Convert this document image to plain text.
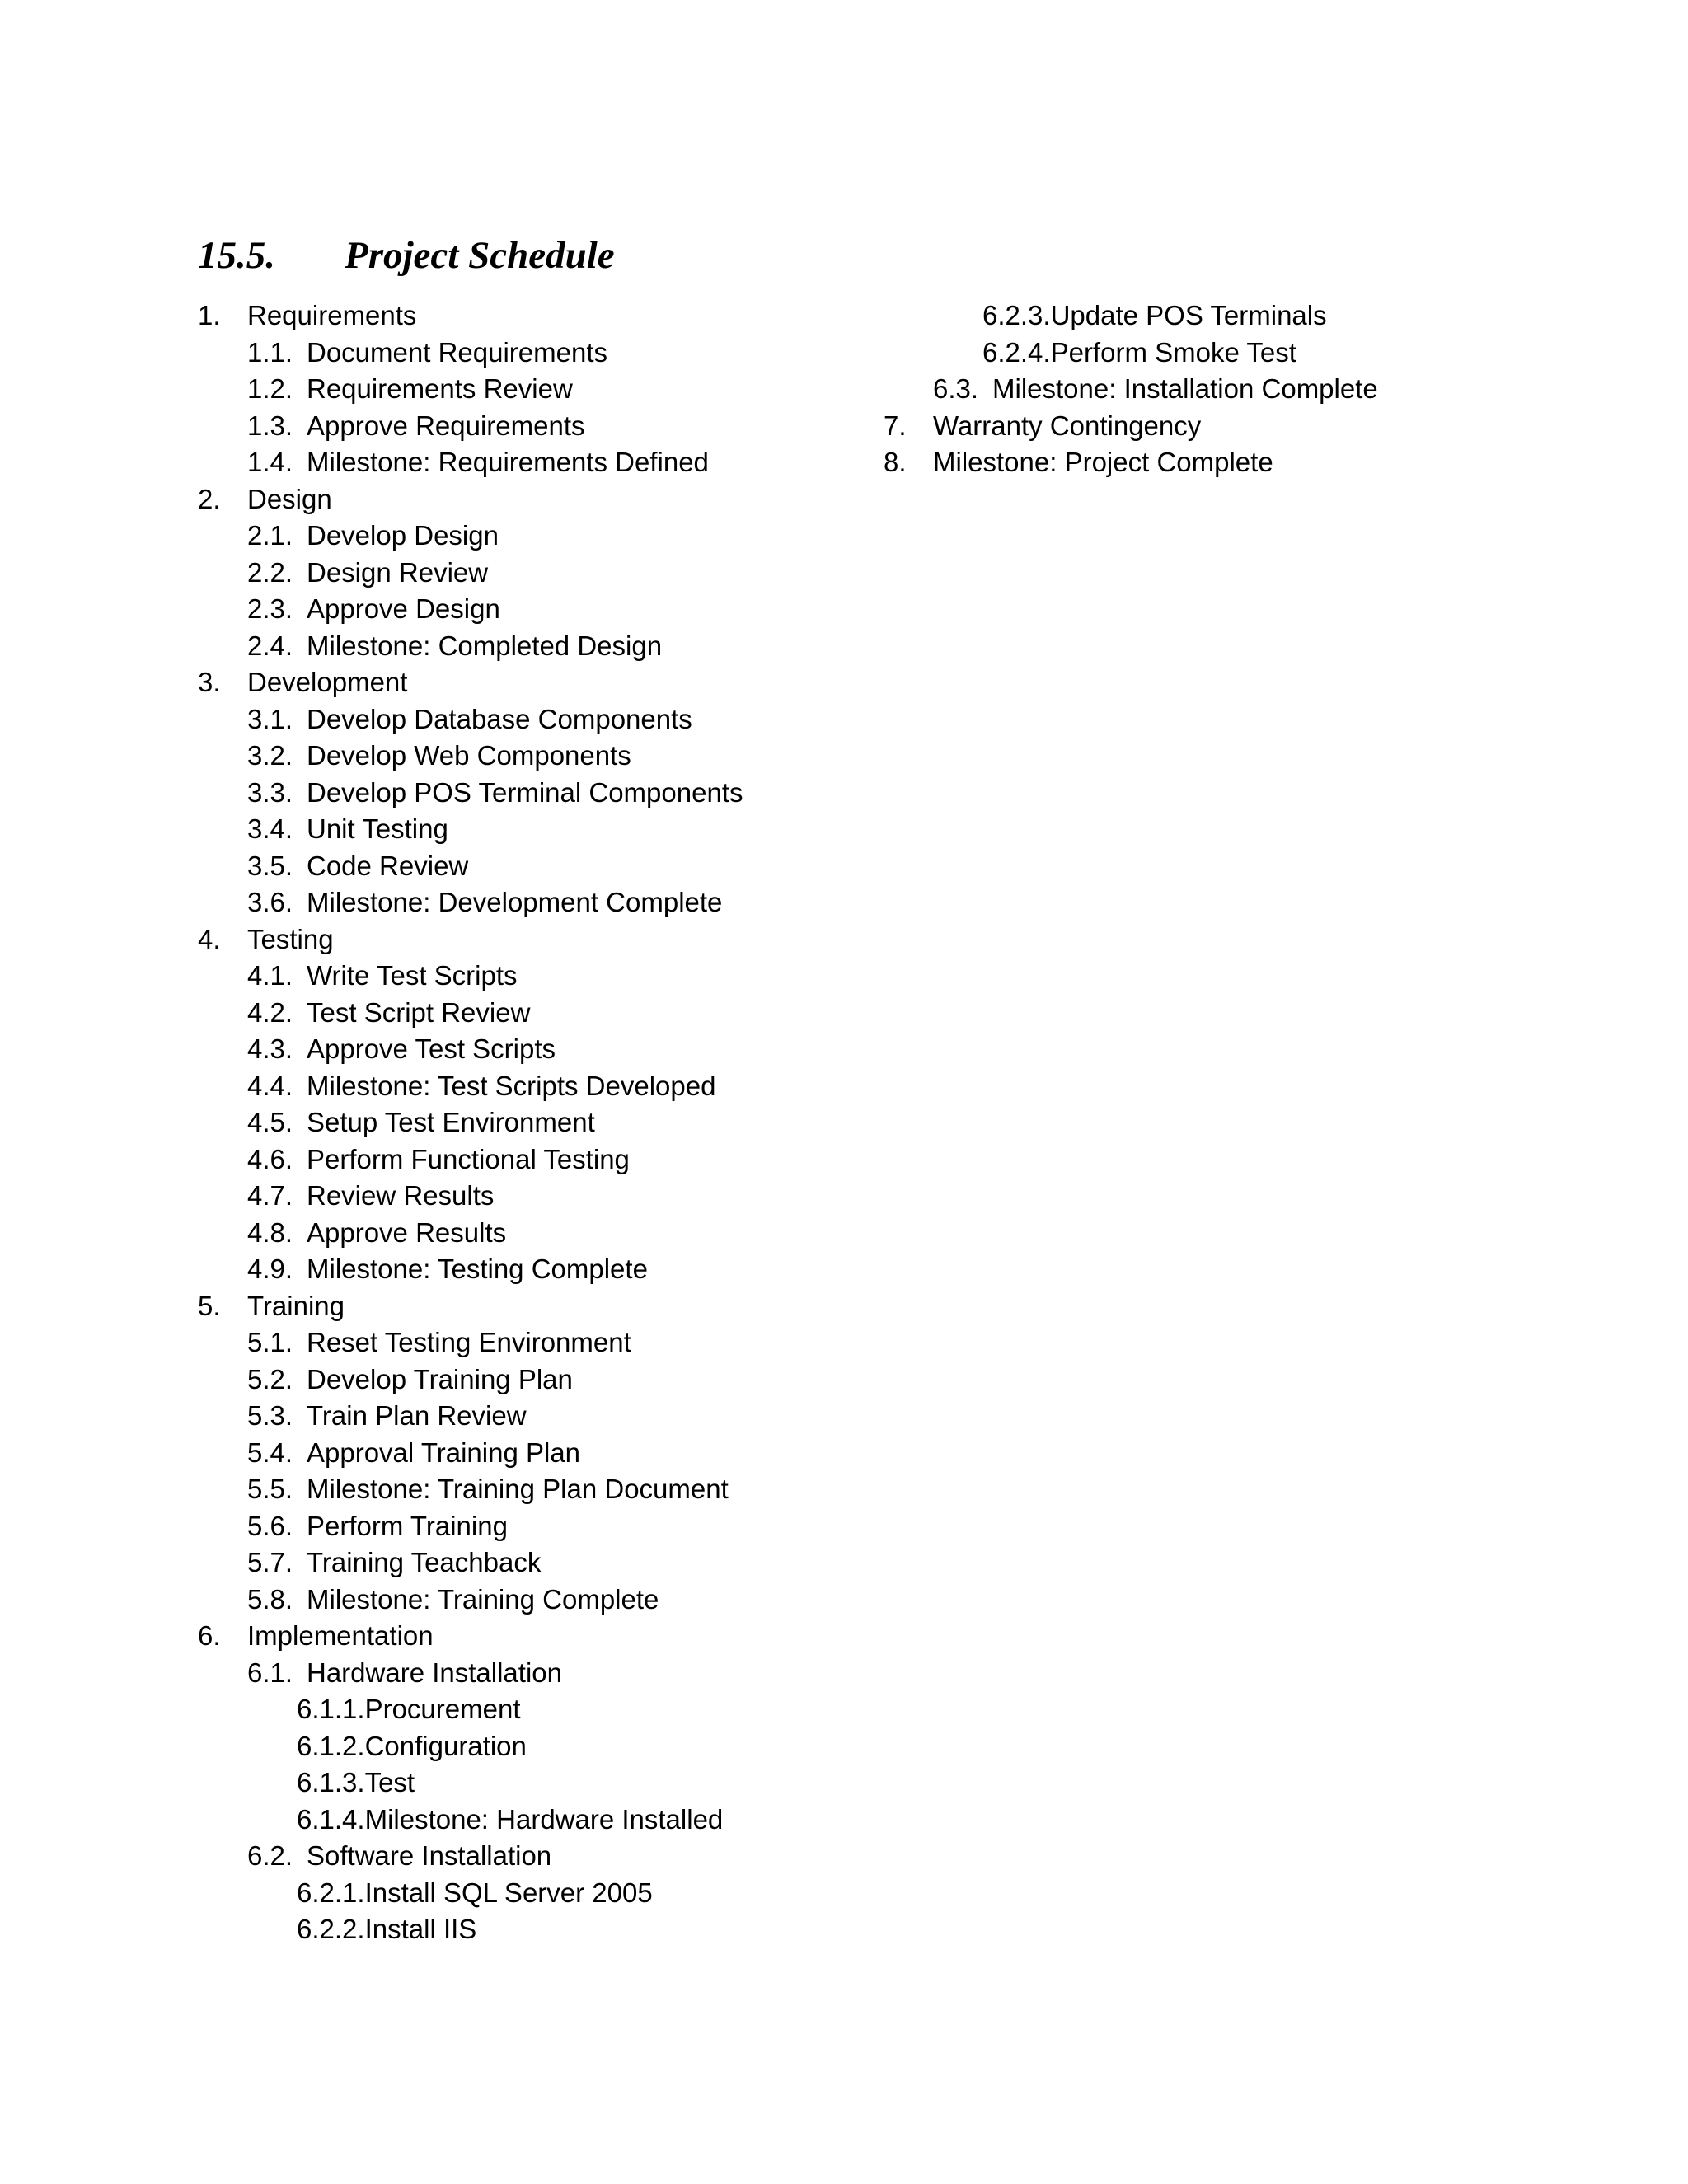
15.5. Project Schedule
1. Requirements
1.1. Document Requirements
1.2. Requirements Review
1.3. Approve Requirements
1.4. Milestone: Requirements Defined
2. Design
2.1. Develop Design
2.2. Design Review
2.3. Approve Design
2.4. Milestone: Completed Design
3. Development
3.1. Develop Database Components
3.2. Develop Web Components
3.3. Develop POS Terminal Components
3.4. Unit Testing
3.5. Code Review
3.6. Milestone: Development Complete
4. Testing
4.1. Write Test Scripts
4.2. Test Script Review
4.3. Approve Test Scripts
4.4. Milestone: Test Scripts Developed
4.5. Setup Test Environment
4.6. Perform Functional Testing
4.7. Review Results
4.8. Approve Results
4.9. Milestone: Testing Complete
5. Training
5.1. Reset Testing Environment
5.2. Develop Training Plan
5.3. Train Plan Review
5.4. Approval Training Plan
5.5. Milestone: Training Plan Document
5.6. Perform Training
5.7. Training Teachback
5.8. Milestone: Training Complete
6. Implementation
6.1. Hardware Installation
6.1.1.Procurement
6.1.2.Configuration
6.1.3.Test
6.1.4.Milestone: Hardware Installed
6.2. Software Installation
6.2.1.Install SQL Server 2005
6.2.2.Install IIS
6.2.3.Update POS Terminals
6.2.4.Perform Smoke Test
6.3. Milestone: Installation Complete
7. Warranty Contingency
8. Milestone: Project Complete
